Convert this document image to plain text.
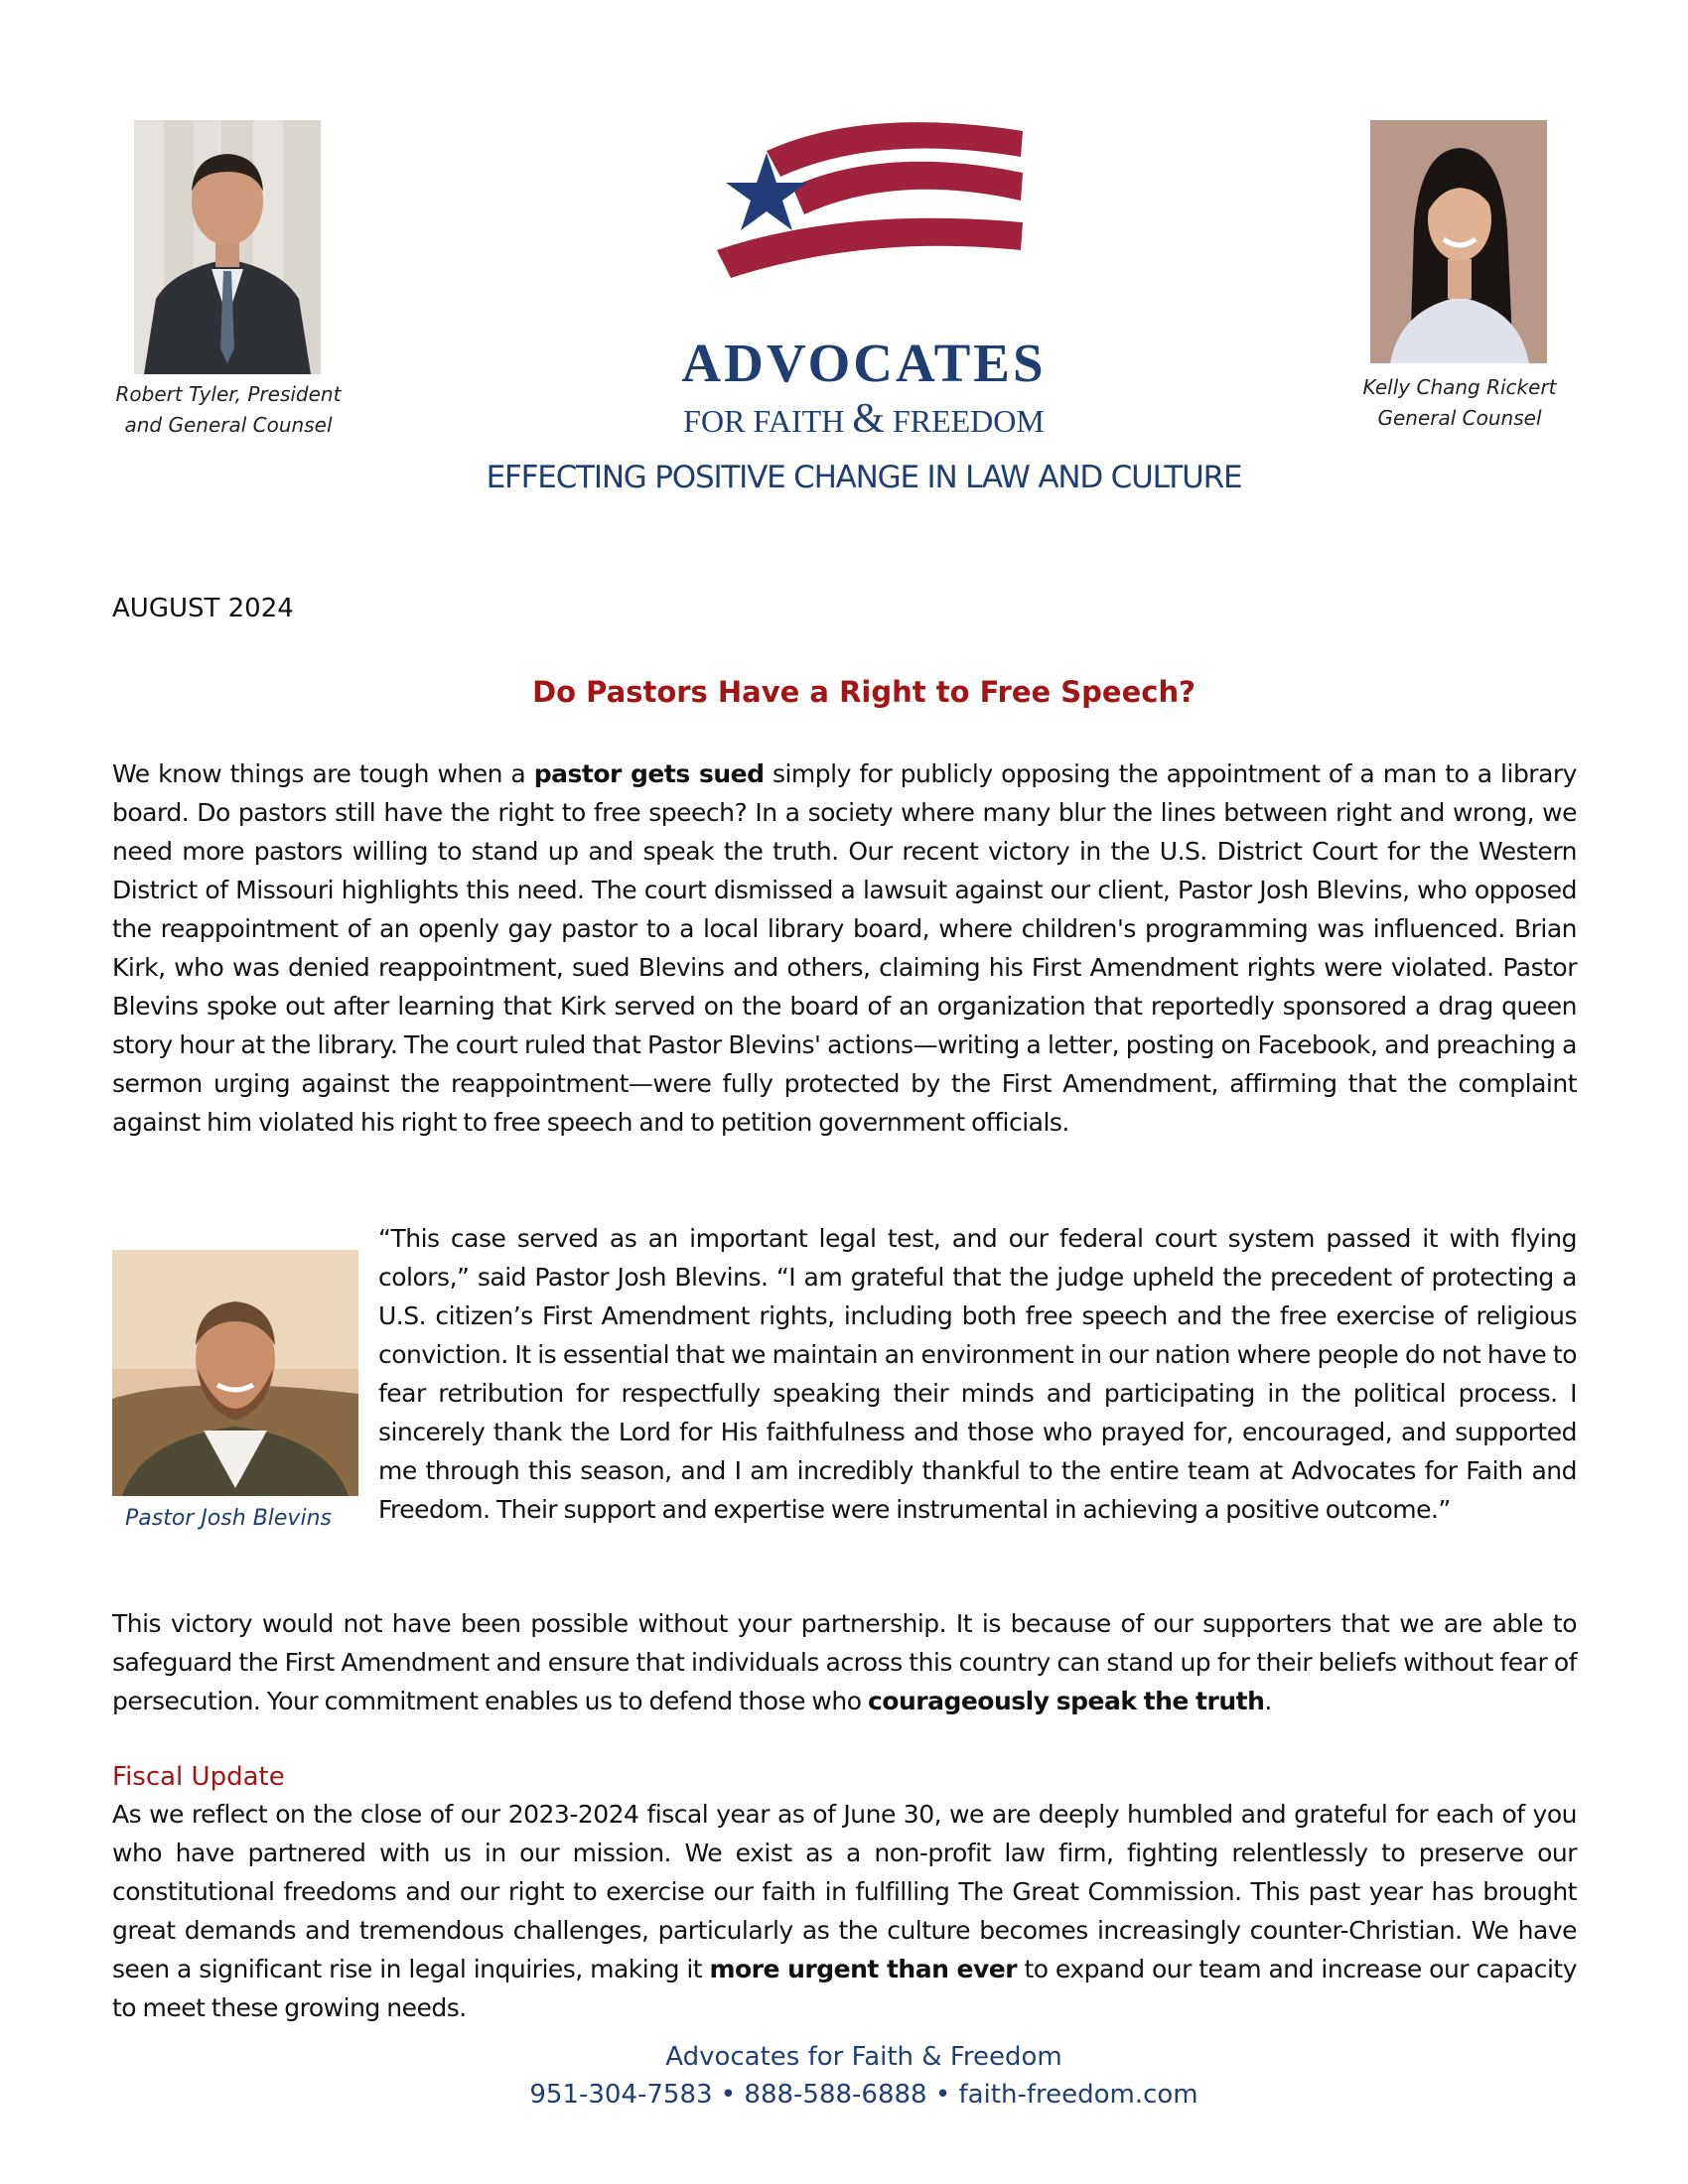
Robert Tyler, President
and General Counsel
ADVOCATES
FOR FAITH & FREEDOM
EFFECTING POSITIVE CHANGE IN LAW AND CULTURE
Kelly Chang Rickert
General Counsel
AUGUST 2024
Do Pastors Have a Right to Free Speech?
We know things are tough when a pastor gets sued simply for publicly opposing the appointment of a man to a library board. Do pastors still have the right to free speech? In a society where many blur the lines between right and wrong, we need more pastors willing to stand up and speak the truth. Our recent victory in the U.S. District Court for the Western District of Missouri highlights this need. The court dismissed a lawsuit against our client, Pastor Josh Blevins, who opposed the reappointment of an openly gay pastor to a local library board, where children's programming was influenced. Brian Kirk, who was denied reappointment, sued Blevins and others, claiming his First Amendment rights were violated. Pastor Blevins spoke out after learning that Kirk served on the board of an organization that reportedly sponsored a drag queen story hour at the library. The court ruled that Pastor Blevins' actions—writing a letter, posting on Facebook, and preaching a sermon urging against the reappointment—were fully protected by the First Amendment, affirming that the complaint against him violated his right to free speech and to petition government officials.
Pastor Josh Blevins
“This case served as an important legal test, and our federal court system passed it with flying colors,” said Pastor Josh Blevins. “I am grateful that the judge upheld the precedent of protecting a U.S. citizen’s First Amendment rights, including both free speech and the free exercise of religious conviction. It is essential that we maintain an environment in our nation where people do not have to fear retribution for respectfully speaking their minds and participating in the political process. I sincerely thank the Lord for His faithfulness and those who prayed for, encouraged, and supported me through this season, and I am incredibly thankful to the entire team at Advocates for Faith and Freedom. Their support and expertise were instrumental in achieving a positive outcome.”
This victory would not have been possible without your partnership. It is because of our supporters that we are able to safeguard the First Amendment and ensure that individuals across this country can stand up for their beliefs without fear of persecution. Your commitment enables us to defend those who courageously speak the truth.
Fiscal Update
As we reflect on the close of our 2023-2024 fiscal year as of June 30, we are deeply humbled and grateful for each of you who have partnered with us in our mission. We exist as a non-profit law firm, fighting relentlessly to preserve our constitutional freedoms and our right to exercise our faith in fulfilling The Great Commission. This past year has brought great demands and tremendous challenges, particularly as the culture becomes increasingly counter-Christian. We have seen a significant rise in legal inquiries, making it more urgent than ever to expand our team and increase our capacity to meet these growing needs.
Advocates for Faith & Freedom
951-304-7583 • 888-588-6888 • faith-freedom.com
